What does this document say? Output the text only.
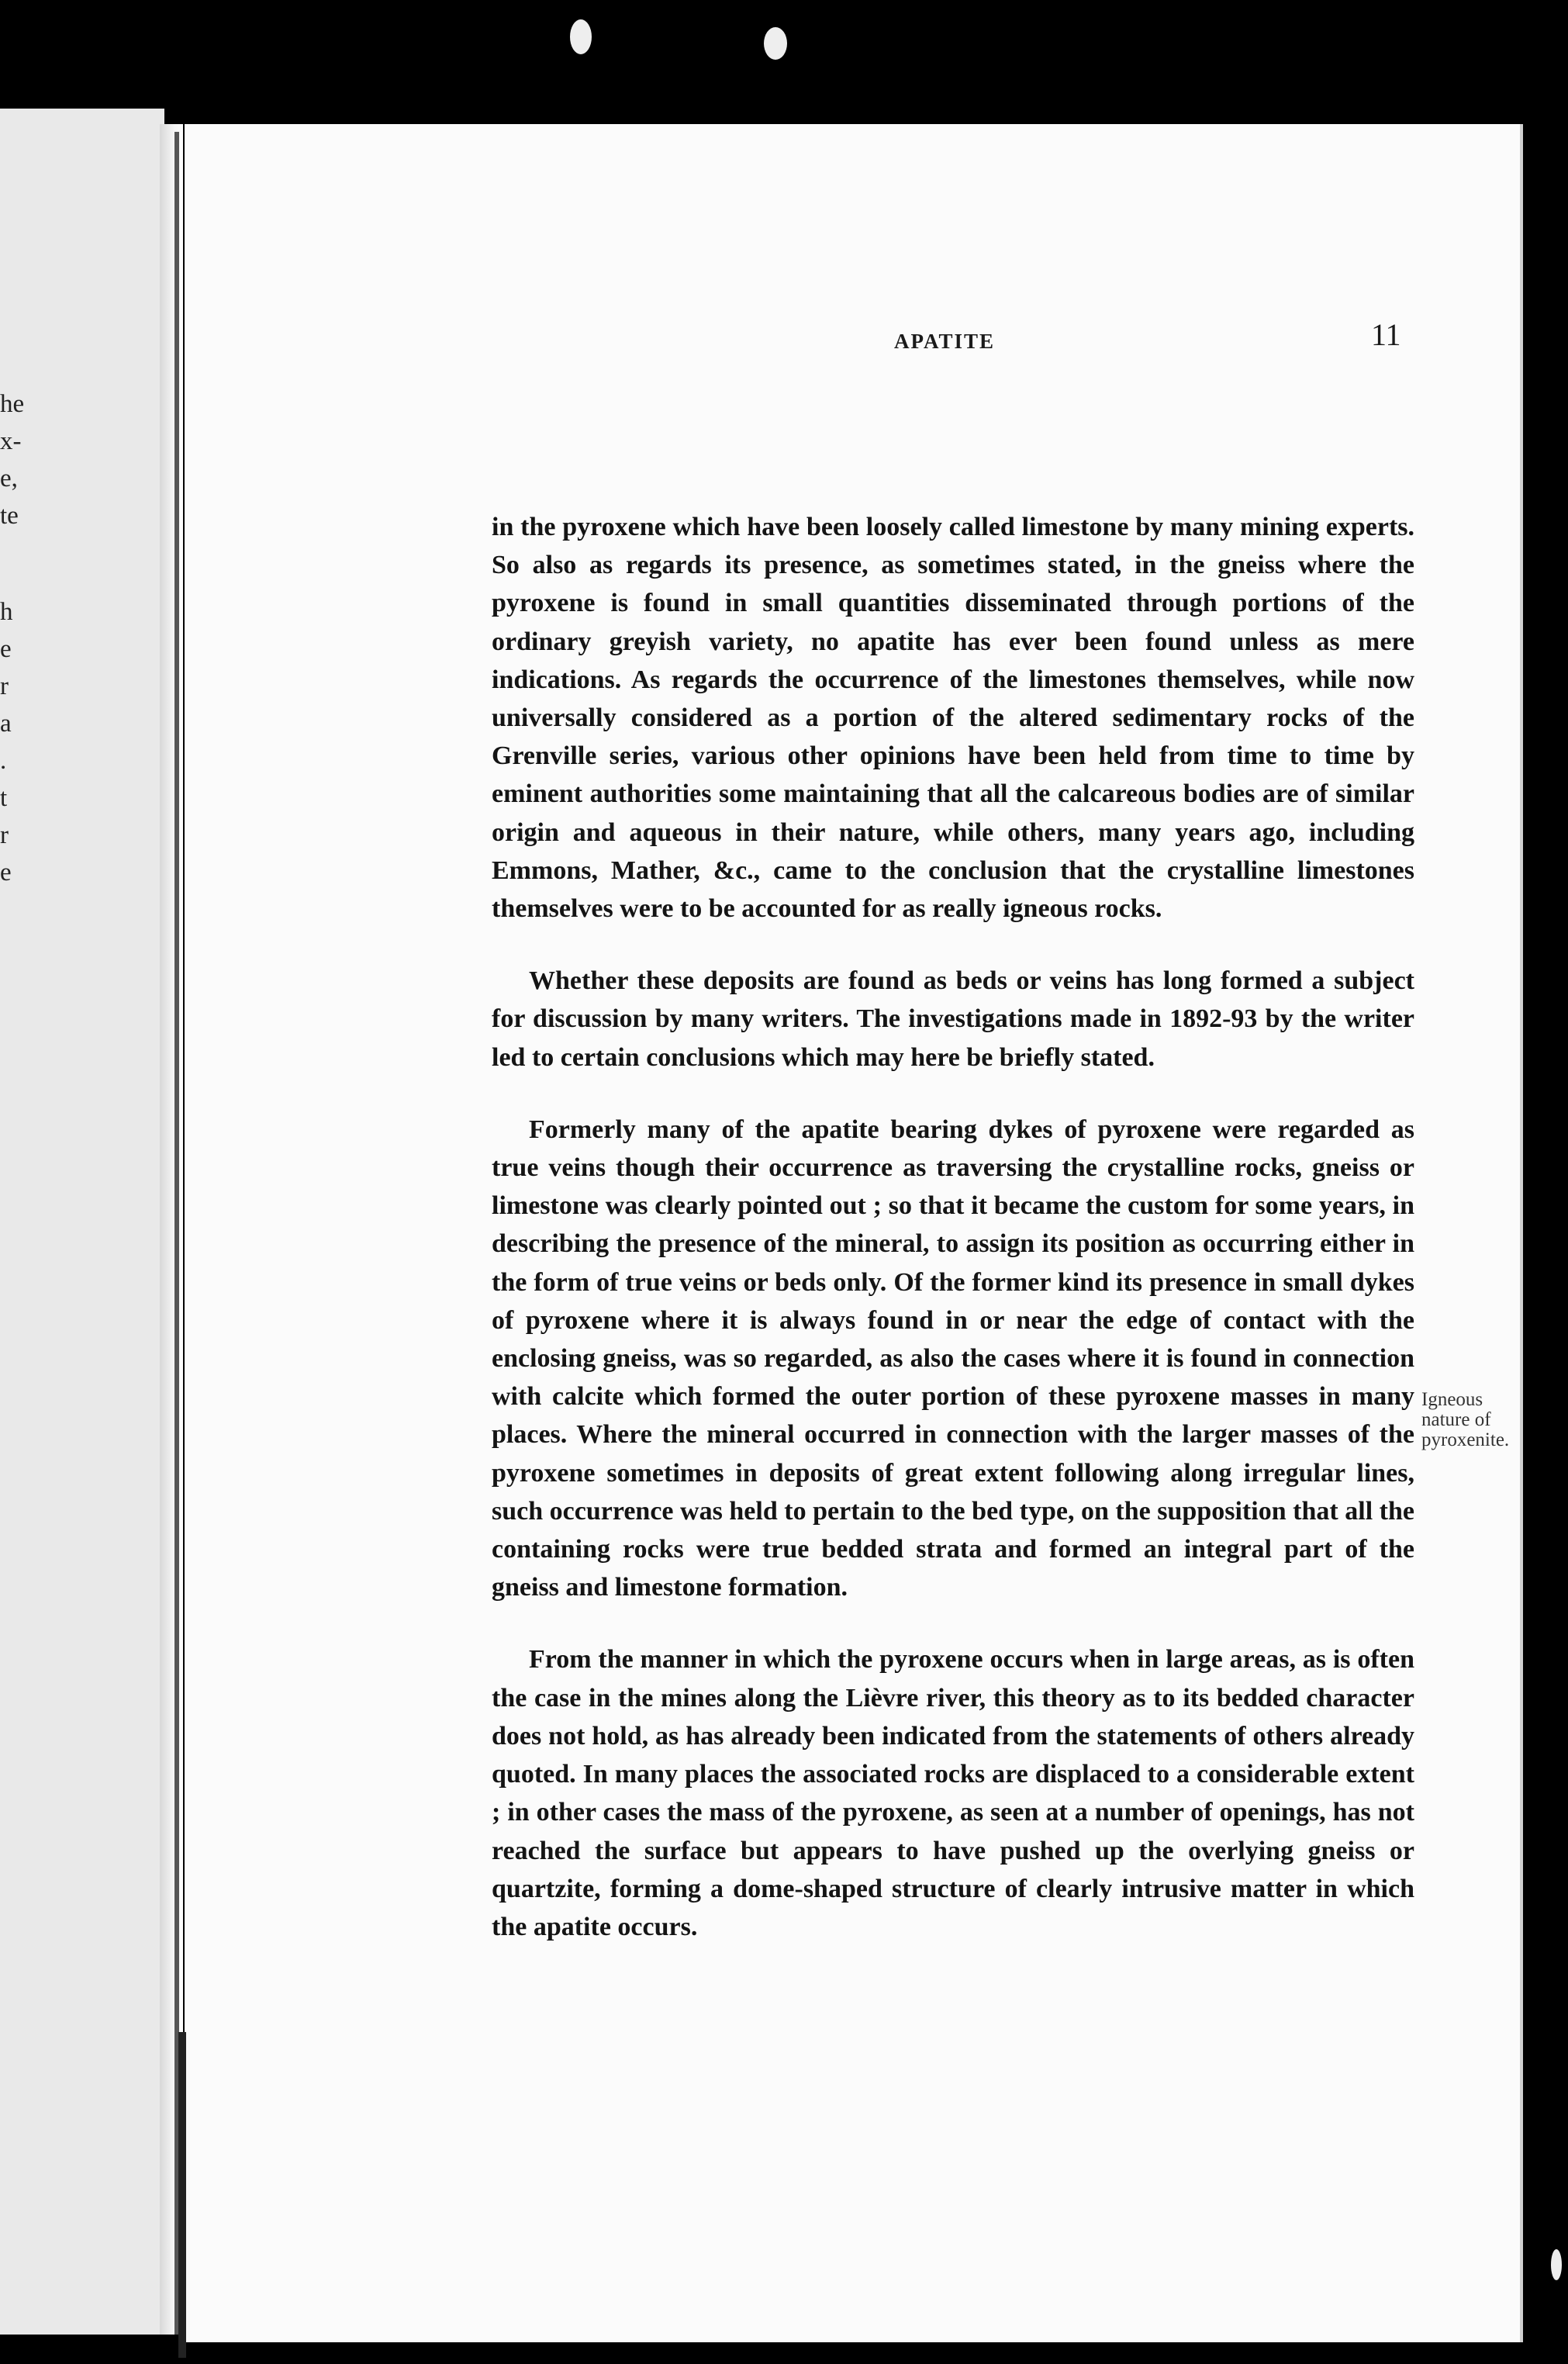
he
x-
e,
te
h
e
r
a
.
t
r
e
APATITE	11

in the pyroxene which have been loosely called limestone by many mining experts. So also as regards its presence, as sometimes stated, in the gneiss where the pyroxene is found in small quantities disseminated through portions of the ordinary greyish variety, no apatite has ever been found unless as mere indications. As regards the occurrence of the limestones themselves, while now universally considered as a portion of the altered sedimentary rocks of the Grenville series, various other opinions have been held from time to time by eminent authorities some maintaining that all the calcareous bodies are of similar origin and aqueous in their nature, while others, many years ago, including Emmons, Mather, &c., came to the conclusion that the crystalline limestones themselves were to be accounted for as really igneous rocks.

Whether these deposits are found as beds or veins has long formed a subject for discussion by many writers. The investigations made in 1892-93 by the writer led to certain conclusions which may here be briefly stated.

Formerly many of the apatite bearing dykes of pyroxene were regarded as true veins though their occurrence as traversing the crystalline rocks, gneiss or limestone was clearly pointed out ; so that it became the custom for some years, in describing the presence of the mineral, to assign its position as occurring either in the form of true veins or beds only. Of the former kind its presence in small dykes of pyroxene where it is always found in or near the edge of contact with the enclosing gneiss, was so regarded, as also the cases where it is found in connection with calcite which formed the outer portion of these pyroxene masses in many places. Where the mineral occurred in connection with the larger masses of the pyroxene sometimes in deposits of great extent following along irregular lines, such occurrence was held to pertain to the bed type, on the supposition that all the containing rocks were true bedded strata and formed an integral part of the gneiss and limestone formation.

From the manner in which the pyroxene occurs when in large areas, as is often the case in the mines along the Lièvre river, this theory as to its bedded character does not hold, as has already been indicated from the statements of others already quoted. In many places the associated rocks are displaced to a considerable extent ; in other cases the mass of the pyroxene, as seen at a number of openings, has not reached the surface but appears to have pushed up the overlying gneiss or quartzite, forming a dome-shaped structure of clearly intrusive matter in which the apatite occurs.

Igneous
nature of
pyroxenite.
